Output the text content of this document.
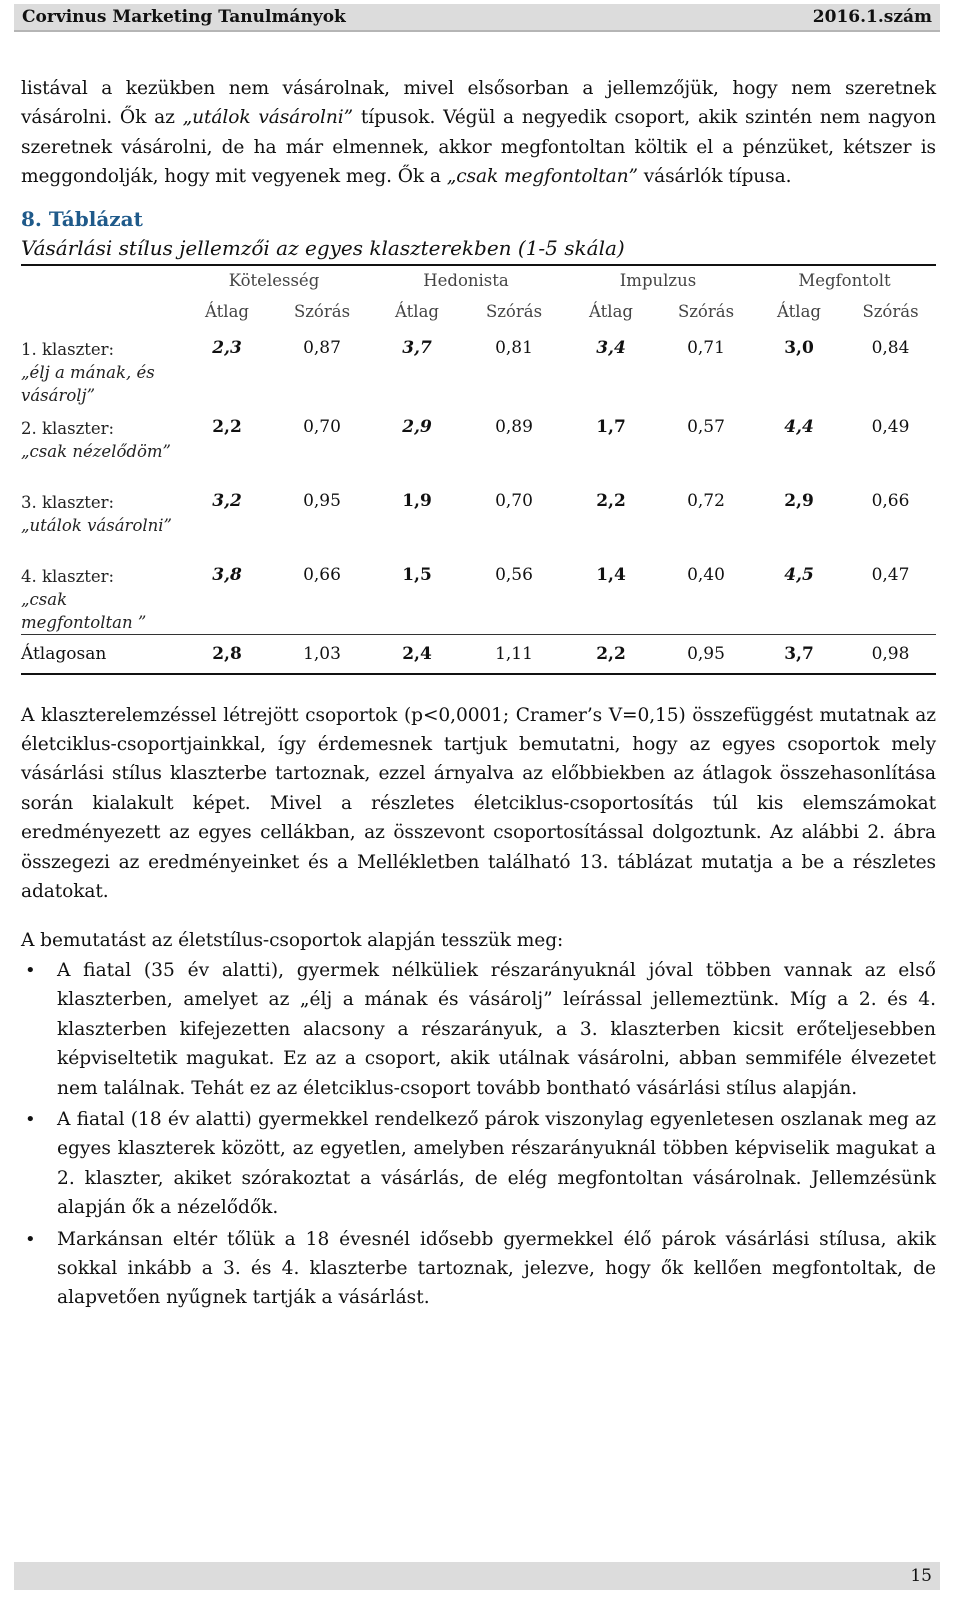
Corvinus Marketing Tanulmányok	2016.1.szám

listával a kezükben nem vásárolnak, mivel elsősorban a jellemzőjük, hogy nem szeretnek vásárolni. Ők az „utálok vásárolni” típusok. Végül a negyedik csoport, akik szintén nem nagyon szeretnek vásárolni, de ha már elmennek, akkor megfontoltan költik el a pénzüket, kétszer is meggondolják, hogy mit vegyenek meg. Ők a „csak megfontoltan” vásárlók típusa.

8. Táblázat
Vásárlási stílus jellemzői az egyes klaszterekben (1-5 skála)
	Kötelesség		Hedonista		Impulzus		Megfontolt	
	Átlag	Szórás	Átlag	Szórás	Átlag	Szórás	Átlag	Szórás
1. klaszter:
„élj a mának, és vásárolj”	2,3	0,87	3,7	0,81	3,4	0,71	3,0	0,84
2. klaszter:
„csak nézelődöm”	2,2	0,70	2,9	0,89	1,7	0,57	4,4	0,49
3. klaszter:
„utálok vásárolni”	3,2	0,95	1,9	0,70	2,2	0,72	2,9	0,66
4. klaszter:
„csak megfontoltan ”	3,8	0,66	1,5	0,56	1,4	0,40	4,5	0,47
Átlagosan	2,8	1,03	2,4	1,11	2,2	0,95	3,7	0,98

A klaszterelemzéssel létrejött csoportok (p<0,0001; Cramer’s V=0,15) összefüggést mutatnak az életciklus-csoportjainkkal, így érdemesnek tartjuk bemutatni, hogy az egyes csoportok mely vásárlási stílus klaszterbe tartoznak, ezzel árnyalva az előbbiekben az átlagok összehasonlítása során kialakult képet. Mivel a részletes életciklus-csoportosítás túl kis elemszámokat eredményezett az egyes cellákban, az összevont csoportosítással dolgoztunk. Az alábbi 2. ábra összegezi az eredményeinket és a Mellékletben található 13. táblázat mutatja a be a részletes adatokat.

A bemutatást az életstílus-csoportok alapján tesszük meg:

• A fiatal (35 év alatti), gyermek nélküliek részarányuknál jóval többen vannak az első klaszterben, amelyet az „élj a mának és vásárolj” leírással jellemeztünk. Míg a 2. és 4. klaszterben kifejezetten alacsony a részarányuk, a 3. klaszterben kicsit erőteljesebben képviseltetik magukat. Ez az a csoport, akik utálnak vásárolni, abban semmiféle élvezetet nem találnak. Tehát ez az életciklus-csoport tovább bontható vásárlási stílus alapján.
• A fiatal (18 év alatti) gyermekkel rendelkező párok viszonylag egyenletesen oszlanak meg az egyes klaszterek között, az egyetlen, amelyben részarányuknál többen képviselik magukat a 2. klaszter, akiket szórakoztat a vásárlás, de elég megfontoltan vásárolnak. Jellemzésünk alapján ők a nézelődők.
• Markánsan eltér tőlük a 18 évesnél idősebb gyermekkel élő párok vásárlási stílusa, akik sokkal inkább a 3. és 4. klaszterbe tartoznak, jelezve, hogy ők kellően megfontoltak, de alapvetően nyűgnek tartják a vásárlást.
15
